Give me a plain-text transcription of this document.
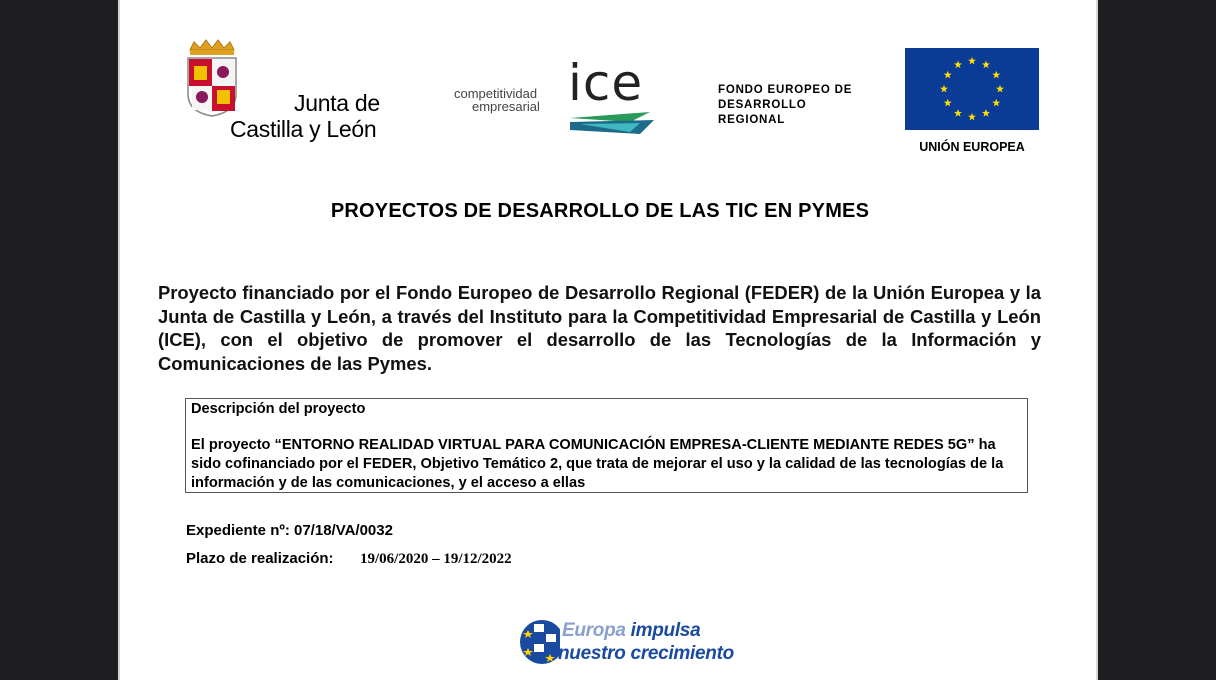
Junta de
Castilla y León
competitividad
empresarial ice	FONDO EUROPEO DE
DESARROLLO
REGIONAL
UNIÓN EUROPEA
PROYECTOS DE DESARROLLO DE LAS TIC EN PYMES
Proyecto financiado por el Fondo Europeo de Desarrollo Regional (FEDER) de la Unión Europea y la Junta de Castilla y León, a través del Instituto para la Competitividad Empresarial de Castilla y León (ICE), con el objetivo de promover el desarrollo de las Tecnologías de la Información y Comunicaciones de las Pymes.
Descripción del proyecto
El proyecto “ENTORNO REALIDAD VIRTUAL PARA COMUNICACIÓN EMPRESA-CLIENTE MEDIANTE REDES 5G” ha sido cofinanciado por el FEDER, Objetivo Temático 2, que trata de mejorar el uso y la calidad de las tecnologías de la información y de las comunicaciones, y el acceso a ellas
Expediente nº: 07/18/VA/0032
Plazo de realización: 19/06/2020 – 19/12/2022
Europa impulsa
nuestro crecimiento
